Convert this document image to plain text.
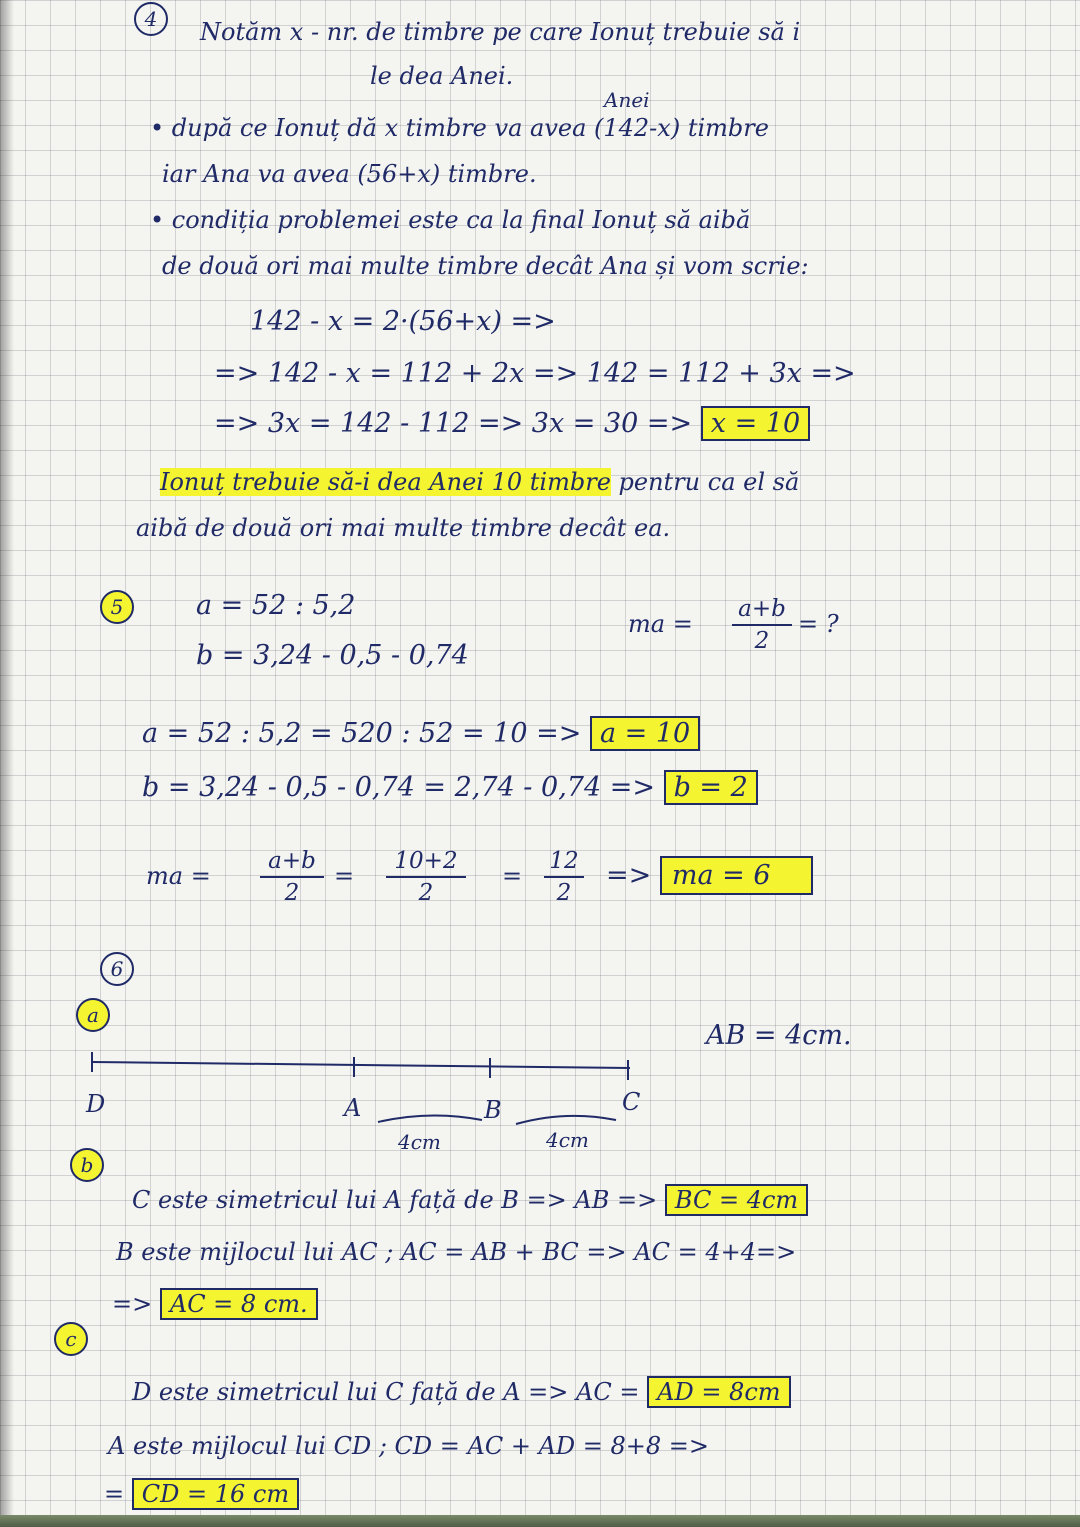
4	Notăm x - nr. de timbre pe care Ionuț trebuie să i
le dea Anei.
Anei
• după ce Ionuț dă x timbre va avea (142-x) timbre
iar Ana va avea (56+x) timbre.
• condiția problemei este ca la final Ionuț să aibă
de două ori mai multe timbre decât Ana și vom scrie:
142 - x = 2·(56+x) =>
=> 142 - x = 112 + 2x => 142 = 112 + 3x =>
=> 3x = 142 - 112 => 3x = 30 => x = 10
Ionuț trebuie să-i dea Anei 10 timbre pentru ca el să
aibă de două ori mai multe timbre decât ea.
5	a = 52 : 5,2
b = 3,24 - 0,5 - 0,74
ma =
a+b
2
= ?
a = 52 : 5,2 = 520 : 52 = 10 => a = 10
b = 3,24 - 0,5 - 0,74 = 2,74 - 0,74 => b = 2
ma =
a+b
2
=
10+2
2
=
12
2
=> ma = 6
6
a
AB = 4cm.
D	A	B	C
4cm	4cm
b
C este simetricul lui A față de B => AB => BC = 4cm
B este mijlocul lui AC ; AC = AB + BC => AC = 4+4=>
=> AC = 8 cm.
c
D este simetricul lui C față de A => AC = AD = 8cm
A este mijlocul lui CD ; CD = AC + AD = 8+8 =>
= CD = 16 cm
